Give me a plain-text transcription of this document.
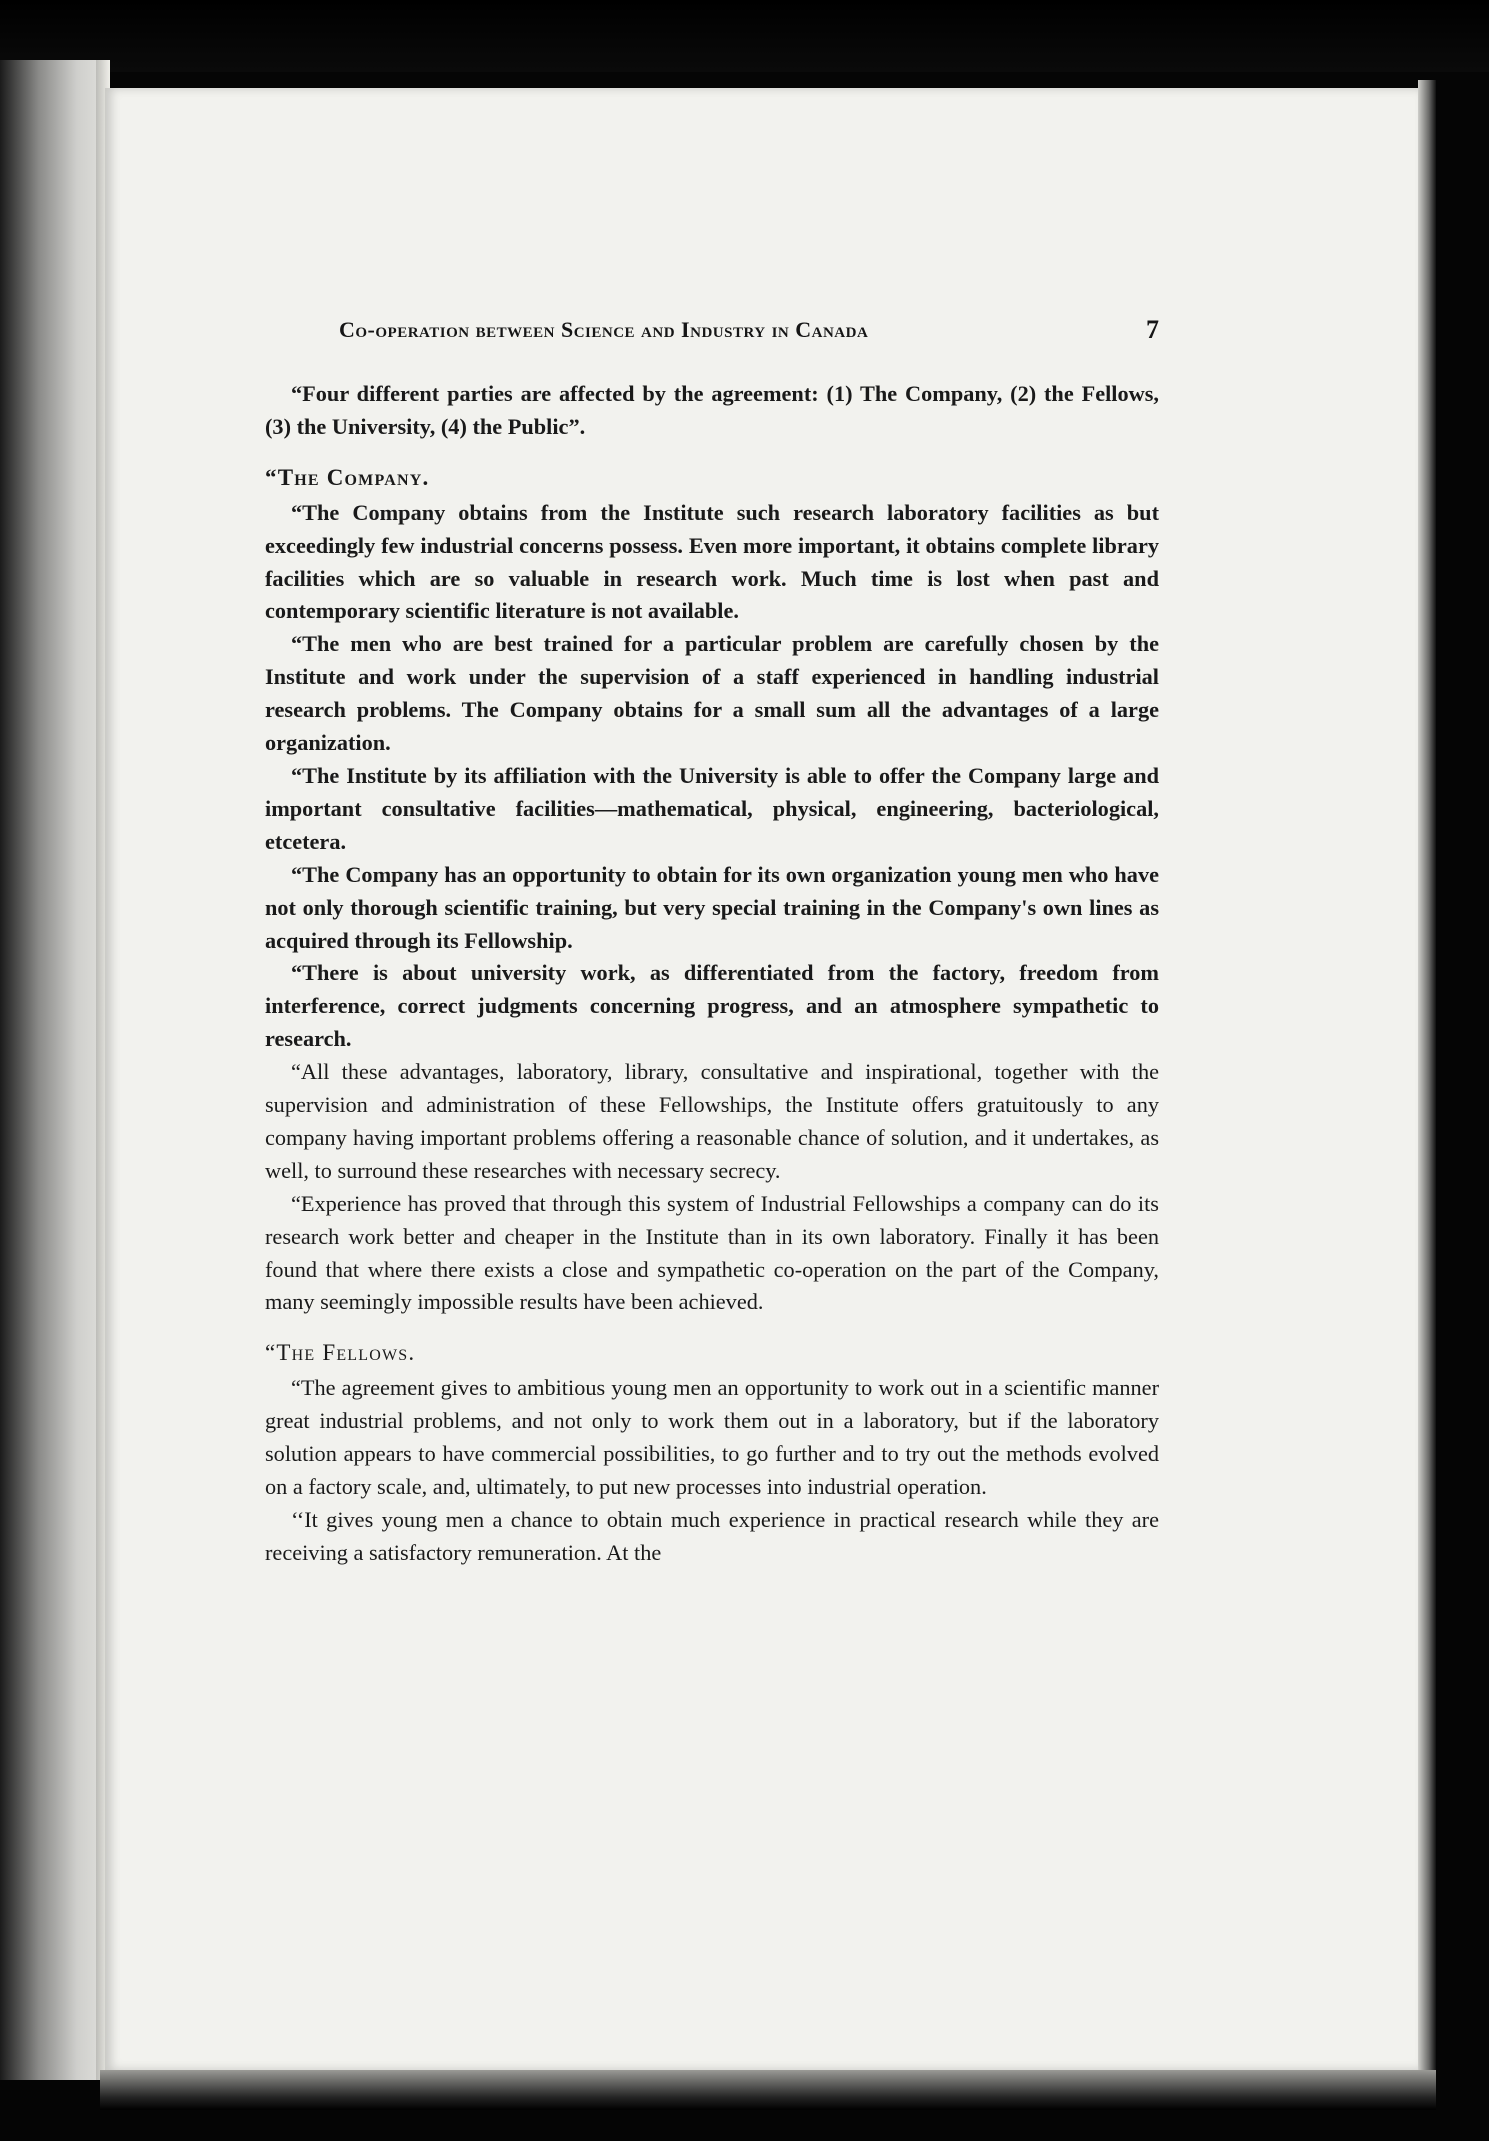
Co-operation between Science and Industry in Canada	7

“Four different parties are affected by the agreement: (1) The Company, (2) the Fellows, (3) the University, (4) the Public”.

“The Company.

“The Company obtains from the Institute such research laboratory facilities as but exceedingly few industrial concerns possess. Even more important, it obtains complete library facilities which are so valuable in research work. Much time is lost when past and contemporary scientific literature is not available.

“The men who are best trained for a particular problem are carefully chosen by the Institute and work under the supervision of a staff experienced in handling industrial research problems. The Company obtains for a small sum all the advantages of a large organization.

“The Institute by its affiliation with the University is able to offer the Company large and important consultative facilities—mathematical, physical, engineering, bacteriological, etcetera.

“The Company has an opportunity to obtain for its own organization young men who have not only thorough scientific training, but very special training in the Company's own lines as acquired through its Fellowship.

“There is about university work, as differentiated from the factory, freedom from interference, correct judgments concerning progress, and an atmosphere sympathetic to research.

“All these advantages, laboratory, library, consultative and inspirational, together with the supervision and administration of these Fellowships, the Institute offers gratuitously to any company having important problems offering a reasonable chance of solution, and it undertakes, as well, to surround these researches with necessary secrecy.

“Experience has proved that through this system of Industrial Fellowships a company can do its research work better and cheaper in the Institute than in its own laboratory. Finally it has been found that where there exists a close and sympathetic co-operation on the part of the Company, many seemingly impossible results have been achieved.

“The Fellows.

“The agreement gives to ambitious young men an opportunity to work out in a scientific manner great industrial problems, and not only to work them out in a laboratory, but if the laboratory solution appears to have commercial possibilities, to go further and to try out the methods evolved on a factory scale, and, ultimately, to put new processes into industrial operation.

‘‘It gives young men a chance to obtain much experience in practical research while they are receiving a satisfactory remuneration. At the
